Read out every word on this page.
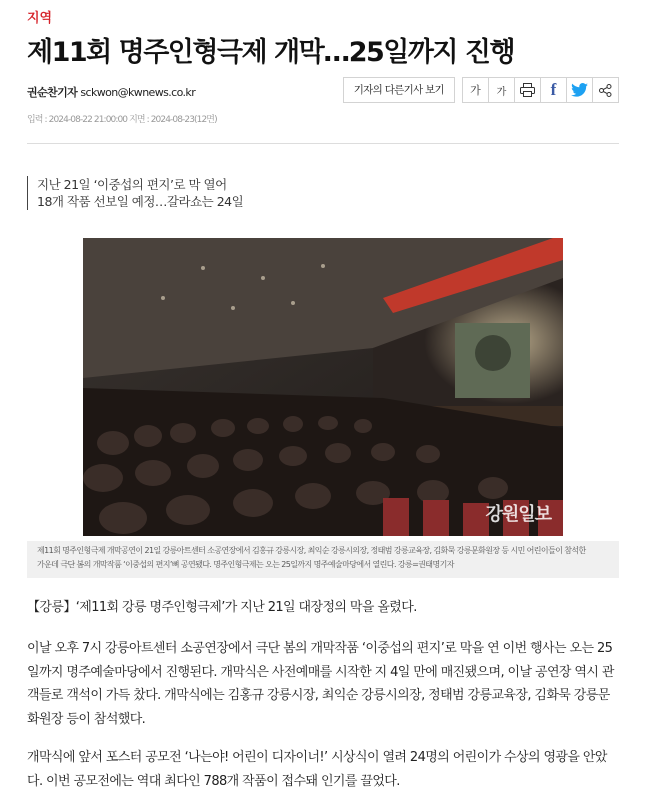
지역
제11회 명주인형극제 개막…25일까지 진행
권순찬기자 sckwon@kwnews.co.kr	기자의 다른기사 보기	가 가	f
입력 : 2024-08-22 21:00:00 지면 : 2024-08-23(12면)
지난 21일 ‘이중섭의 편지’로 막 열어
18개 작품 선보일 예정…갈라쇼는 24일
강원일보
제11회 명주인형극제 개막공연이 21일 강릉아트센터 소공연장에서 김홍규 강릉시장, 최익순 강릉시의장, 정태범 강릉교육장, 김화묵 강릉문화원장 등 시민 어린이들이 참석한
가운데 극단 봄의 개막작품 ‘이중섭의 편지’뼈 공연됐다. 명주인형극제는 오는 25일까지 명주예술마당에서 열린다. 강릉=권태명기자

【강릉】‘제11회 강릉 명주인형극제’가 지난 21일 대장정의 막을 올렸다.

이날 오후 7시 강릉아트센터 소공연장에서 극단 봄의 개막작품 ‘이중섭의 편지’로 막을 연 이번 행사는 오는 25일까지 명주예술마당에서 진행된다. 개막식은 사전예매를 시작한 지 4일 만에 매진됐으며, 이날 공연장 역시 관객들로 객석이 가득 찼다. 개막식에는 김홍규 강릉시장, 최익순 강릉시의장, 정태범 강릉교육장, 김화묵 강릉문화원장 등이 참석했다.

개막식에 앞서 포스터 공모전 ‘나는야! 어린이 디자이너!’ 시상식이 열려 24명의 어린이가 수상의 영광을 안았다. 이번 공모전에는 역대 최다인 788개 작품이 접수돼 인기를 끌었다.
